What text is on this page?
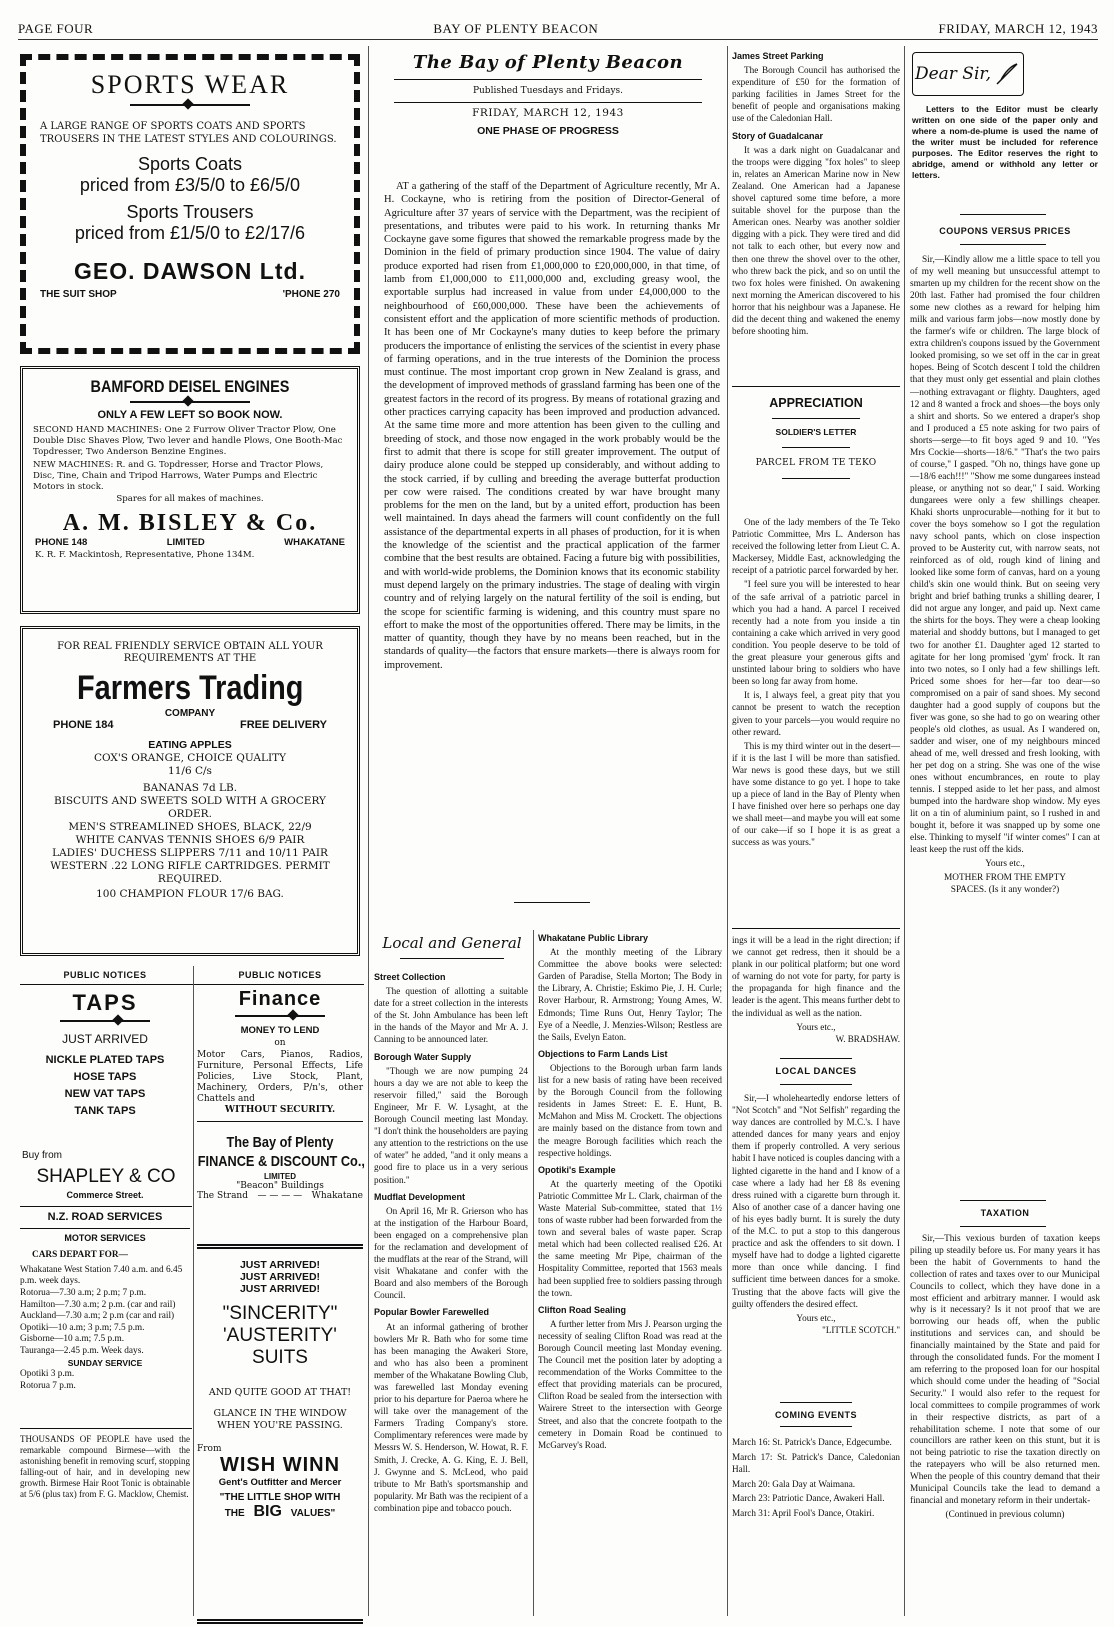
PAGE FOUR	BAY OF PLENTY BEACON	FRIDAY, MARCH 12, 1943
SPORTS WEAR
A LARGE RANGE OF SPORTS COATS AND SPORTS TROUSERS IN THE LATEST STYLES AND COLOURINGS.
Sports Coats
priced from £3/5/0 to £6/5/0
Sports Trousers
priced from £1/5/0 to £2/17/6
GEO. DAWSON Ltd.
THE SUIT SHOP	'PHONE 270
BAMFORD DEISEL ENGINES
ONLY A FEW LEFT SO BOOK NOW.
SECOND HAND MACHINES: One 2 Furrow Oliver Tractor Plow, One Double Disc Shaves Plow, Two lever and handle Plows, One Booth-Mac Topdresser, Two Anderson Benzine Engines.
NEW MACHINES: R. and G. Topdresser, Horse and Tractor Plows, Disc, Tine, Chain and Tripod Harrows, Water Pumps and Electric Motors in stock.
Spares for all makes of machines.
A. M. BISLEY & Co.
PHONE 148	LIMITED	WHAKATANE
K. R. F. Mackintosh, Representative, Phone 134M.
FOR REAL FRIENDLY SERVICE OBTAIN ALL YOUR REQUIREMENTS AT THE
Farmers Trading
COMPANY
PHONE 184	FREE DELIVERY
EATING APPLES
COX'S ORANGE, CHOICE QUALITY
11/6 C/s
BANANAS 7d LB.
BISCUITS AND SWEETS SOLD WITH A GROCERY ORDER.
MEN'S STREAMLINED SHOES, BLACK, 22/9
WHITE CANVAS TENNIS SHOES 6/9 PAIR
LADIES' DUCHESS SLIPPERS 7/11 and 10/11 PAIR
WESTERN .22 LONG RIFLE CARTRIDGES. PERMIT REQUIRED.
100 CHAMPION FLOUR 17/6 BAG.
PUBLIC NOTICES	PUBLIC NOTICES
TAPS
JUST ARRIVED
NICKLE PLATED TAPS
HOSE TAPS
NEW VAT TAPS
TANK TAPS
Buy from
SHAPLEY & CO
Commerce Street.
N.Z. ROAD SERVICES
MOTOR SERVICES
CARS DEPART FOR—
Whakatane West Station 7.40 a.m. and 6.45 p.m. week days.
Rotorua—7.30 a.m; 2 p.m; 7 p.m.
Hamilton—7.30 a.m; 2 p.m. (car and rail)
Auckland—7.30 a.m; 2 p.m (car and rail)
Opotiki—10 a.m; 3 p.m; 7.5 p.m.
Gisborne—10 a.m; 7.5 p.m.
Tauranga—2.45 p.m. Week days.
SUNDAY SERVICE
Opotiki 3 p.m.
Rotorua 7 p.m.
THOUSANDS OF PEOPLE have used the remarkable compound Birmese—with the astonishing benefit in removing scurf, stopping falling-out of hair, and in developing new growth. Birmese Hair Root Tonic is obtainable at 5/6 (plus tax) from F. G. Macklow, Chemist.
Finance
MONEY TO LEND
on
Motor Cars, Pianos, Radios, Furniture, Personal Effects, Life Policies, Live Stock, Plant, Machinery, Orders, P/n's, other Chattels and
WITHOUT SECURITY.
The Bay of Plenty
FINANCE & DISCOUNT Co.,
LIMITED
"Beacon" Buildings
The Strand — — — — Whakatane
JUST ARRIVED!
JUST ARRIVED!
JUST ARRIVED!
"SINCERITY"
'AUSTERITY'
SUITS
AND QUITE GOOD AT THAT!
GLANCE IN THE WINDOW WHEN YOU'RE PASSING.
From
WISH WINN
Gent's Outfitter and Mercer
"THE LITTLE SHOP WITH
THE BIG VALUES"
The Bay of Plenty Beacon
Published Tuesdays and Fridays.
FRIDAY, MARCH 12, 1943
ONE PHASE OF PROGRESS

AT a gathering of the staff of the Department of Agriculture recently, Mr A. H. Cockayne, who is retiring from the position of Director-General of Agriculture after 37 years of service with the Department, was the recipient of presentations, and tributes were paid to his work. In returning thanks Mr Cockayne gave some figures that showed the remarkable progress made by the Dominion in the field of primary production since 1904. The value of dairy produce exported had risen from £1,000,000 to £20,000,000, in that time, of lamb from £1,000,000 to £11,000,000 and, excluding greasy wool, the exportable surplus had increased in value from under £4,000,000 to the neighbourhood of £60,000,000. These have been the achievements of consistent effort and the application of more scientific methods of production. It has been one of Mr Cockayne's many duties to keep before the primary producers the importance of enlisting the services of the scientist in every phase of farming operations, and in the true interests of the Dominion the process must continue. The most important crop grown in New Zealand is grass, and the development of improved methods of grassland farming has been one of the greatest factors in the record of its progress. By means of rotational grazing and other practices carrying capacity has been improved and production advanced. At the same time more and more attention has been given to the culling and breeding of stock, and those now engaged in the work probably would be the first to admit that there is scope for still greater improvement. The output of dairy produce alone could be stepped up considerably, and without adding to the stock carried, if by culling and breeding the average butterfat production per cow were raised. The conditions created by war have brought many problems for the men on the land, but by a united effort, production has been well maintained. In days ahead the farmers will count confidently on the full assistance of the departmental experts in all phases of production, for it is when the knowledge of the scientist and the practical application of the farmer combine that the best results are obtained. Facing a future big with possibilities, and with world-wide problems, the Dominion knows that its economic stability must depend largely on the primary industries. The stage of dealing with virgin country and of relying largely on the natural fertility of the soil is ending, but the scope for scientific farming is widening, and this country must spare no effort to make the most of the opportunities offered. There may be limits, in the matter of quantity, though they have by no means been reached, but in the standards of quality—the factors that ensure markets—there is always room for improvement.

Local and General
Street Collection

The question of allotting a suitable date for a street collection in the interests of the St. John Ambulance has been left in the hands of the Mayor and Mr A. J. Canning to be announced later.

Borough Water Supply

"Though we are now pumping 24 hours a day we are not able to keep the reservoir filled," said the Borough Engineer, Mr F. W. Lysaght, at the Borough Council meeting last Monday. "I don't think the householders are paying any attention to the restrictions on the use of water" he added, "and it only means a good fire to place us in a very serious position."

Mudflat Development

On April 16, Mr R. Grierson who has at the instigation of the Harbour Board, been engaged on a comprehensive plan for the reclamation and development of the mudflats at the rear of the Strand, will visit Whakatane and confer with the Board and also members of the Borough Council.

Popular Bowler Farewelled

At an informal gathering of brother bowlers Mr R. Bath who for some time has been managing the Awakeri Store, and who has also been a prominent member of the Whakatane Bowling Club, was farewelled last Monday evening prior to his departure for Paeroa where he will take over the management of the Farmers Trading Company's store. Complimentary references were made by Messrs W. S. Henderson, W. Howat, R. F. Smith, J. Crecke, A. G. King, E. J. Bell, J. Gwynne and S. McLeod, who paid tribute to Mr Bath's sportsmanship and popularity. Mr Bath was the recipient of a combination pipe and tobacco pouch.

Whakatane Public Library

At the monthly meeting of the Library Committee the above books were selected: Garden of Paradise, Stella Morton; The Body in the Library, A. Christie; Eskimo Pie, J. H. Curle; Rover Harbour, R. Armstrong; Young Ames, W. Edmonds; Time Runs Out, Henry Taylor; The Eye of a Needle, J. Menzies-Wilson; Restless are the Sails, Evelyn Eaton.

Objections to Farm Lands List

Objections to the Borough urban farm lands list for a new basis of rating have been received by the Borough Council from the following residents in James Street: E. E. Hunt, B. McMahon and Miss M. Crockett. The objections are mainly based on the distance from town and the meagre Borough facilities which reach the respective holdings.

Opotiki's Example

At the quarterly meeting of the Opotiki Patriotic Committee Mr L. Clark, chairman of the Waste Material Sub-committee, stated that 1½ tons of waste rubber had been forwarded from the town and several bales of waste paper. Scrap metal which had been collected realised £26. At the same meeting Mr Pipe, chairman of the Hospitality Committee, reported that 1563 meals had been supplied free to soldiers passing through the town.

Clifton Road Sealing

A further letter from Mrs J. Pearson urging the necessity of sealing Clifton Road was read at the Borough Council meeting last Monday evening. The Council met the position later by adopting a recommendation of the Works Committee to the effect that providing materials can be procured, Clifton Road be sealed from the intersection with Wairere Street to the intersection with George Street, and also that the concrete footpath to the cemetery in Domain Road be continued to McGarvey's Road.

James Street Parking

The Borough Council has authorised the expenditure of £50 for the formation of parking facilities in James Street for the benefit of people and organisations making use of the Caledonian Hall.

Story of Guadalcanar

It was a dark night on Guadalcanar and the troops were digging "fox holes" to sleep in, relates an American Marine now in New Zealand. One American had a Japanese shovel captured some time before, a more suitable shovel for the purpose than the American ones. Nearby was another soldier digging with a pick. They were tired and did not talk to each other, but every now and then one threw the shovel over to the other, who threw back the pick, and so on until the two fox holes were finished. On awakening next morning the American discovered to his horror that his neighbour was a Japanese. He did the decent thing and wakened the enemy before shooting him.

APPRECIATION
SOLDIER'S LETTER
PARCEL FROM TE TEKO

One of the lady members of the Te Teko Patriotic Committee, Mrs L. Anderson has received the following letter from Lieut C. A. Mackersey, Middle East, acknowledging the receipt of a patriotic parcel forwarded by her.

"I feel sure you will be interested to hear of the safe arrival of a patriotic parcel in which you had a hand. A parcel I received recently had a note from you inside a tin containing a cake which arrived in very good condition. You people deserve to be told of the great pleasure your generous gifts and unstinted labour bring to soldiers who have been so long far away from home.

It is, I always feel, a great pity that you cannot be present to watch the reception given to your parcels—you would require no other reward.

This is my third winter out in the desert—if it is the last I will be more than satisfied. War news is good these days, but we still have some distance to go yet. I hope to take up a piece of land in the Bay of Plenty when I have finished over here so perhaps one day we shall meet—and maybe you will eat some of our cake—if so I hope it is as great a success as was yours."

ings it will be a lead in the right direction; if we cannot get redress, then it should be a plank in our political platform; but one word of warning do not vote for party, for party is the propaganda for high finance and the leader is the agent. This means further debt to the individual as well as the nation.

Yours etc.,
W. BRADSHAW.
LOCAL DANCES

Sir,—I wholeheartedly endorse letters of "Not Scotch" and "Not Selfish" regarding the way dances are controlled by M.C.'s. I have attended dances for many years and enjoy them if properly controlled. A very serious habit I have noticed is couples dancing with a lighted cigarette in the hand and I know of a case where a lady had her £8 8s evening dress ruined with a cigarette burn through it. Also of another case of a dancer having one of his eyes badly burnt. It is surely the duty of the M.C. to put a stop to this dangerous practice and ask the offenders to sit down. I myself have had to dodge a lighted cigarette more than once while dancing. I find sufficient time between dances for a smoke. Trusting that the above facts will give the guilty offenders the desired effect.

Yours etc.,
"LITTLE SCOTCH."
COMING EVENTS
March 16: St. Patrick's Dance, Edgecumbe.
March 17: St. Patrick's Dance, Caledonian Hall.
March 20: Gala Day at Waimana.
March 23: Patriotic Dance, Awakeri Hall.
March 31: April Fool's Dance, Otakiri.
Dear Sir,
Letters to the Editor must be clearly written on one side of the paper only and where a nom-de-plume is used the name of the writer must be included for reference purposes. The Editor reserves the right to abridge, amend or withhold any letter or letters.
COUPONS VERSUS PRICES

Sir,—Kindly allow me a little space to tell you of my well meaning but unsuccessful attempt to smarten up my children for the recent show on the 20th last. Father had promised the four children some new clothes as a reward for helping him milk and various farm jobs—now mostly done by the farmer's wife or children. The large block of extra children's coupons issued by the Government looked promising, so we set off in the car in great hopes. Being of Scotch descent I told the children that they must only get essential and plain clothes—nothing extravagant or flighty. Daughters, aged 12 and 8 wanted a frock and shoes—the boys only a shirt and shorts. So we entered a draper's shop and I produced a £5 note asking for two pairs of shorts—serge—to fit boys aged 9 and 10. "Yes Mrs Cockie—shorts—18/6." "That's the two pairs of course," I gasped. "Oh no, things have gone up—18/6 each!!!" "Show me some dungarees instead please, or anything not so dear," I said. Working dungarees were only a few shillings cheaper. Khaki shorts unprocurable—nothing for it but to cover the boys somehow so I got the regulation navy school pants, which on close inspection proved to be Austerity cut, with narrow seats, not reinforced as of old, rough kind of lining and looked like some form of canvas, hard on a young child's skin one would think. But on seeing very bright and brief bathing trunks a shilling dearer, I did not argue any longer, and paid up. Next came the shirts for the boys. They were a cheap looking material and shoddy buttons, but I managed to get two for another £1. Daughter aged 12 started to agitate for her long promised 'gym' frock. It ran into two notes, so I only had a few shillings left. Priced some shoes for her—far too dear—so compromised on a pair of sand shoes. My second daughter had a good supply of coupons but the fiver was gone, so she had to go on wearing other people's old clothes, as usual. As I wandered on, sadder and wiser, one of my neighbours minced ahead of me, well dressed and fresh looking, with her pet dog on a string. She was one of the wise ones without encumbrances, en route to play tennis. I stepped aside to let her pass, and almost bumped into the hardware shop window. My eyes lit on a tin of aluminium paint, so I rushed in and bought it, before it was snapped up by some one else. Thinking to myself "if winter comes" I can at least keep the rust off the kids.

Yours etc.,
MOTHER FROM THE EMPTY SPACES. (Is it any wonder?)
TAXATION

Sir,—This vexious burden of taxation keeps piling up steadily before us. For many years it has been the habit of Governments to hand the collection of rates and taxes over to our Municipal Councils to collect, which they have done in a most efficient and arbitrary manner. I would ask why is it necessary? Is it not proof that we are borrowing our heads off, when the public institutions and services can, and should be financially maintained by the State and paid for through the consolidated funds. For the moment I am referring to the proposed loan for our hospital which should come under the heading of "Social Security." I would also refer to the request for local committees to compile programmes of work in their respective districts, as part of a rehabilitation scheme. I note that some of our councillors are rather keen on this stunt, but it is not being patriotic to rise the taxation directly on the ratepayers who will be also returned men. When the people of this country demand that their Municipal Councils take the lead to demand a financial and monetary reform in their undertak-

(Continued in previous column)
